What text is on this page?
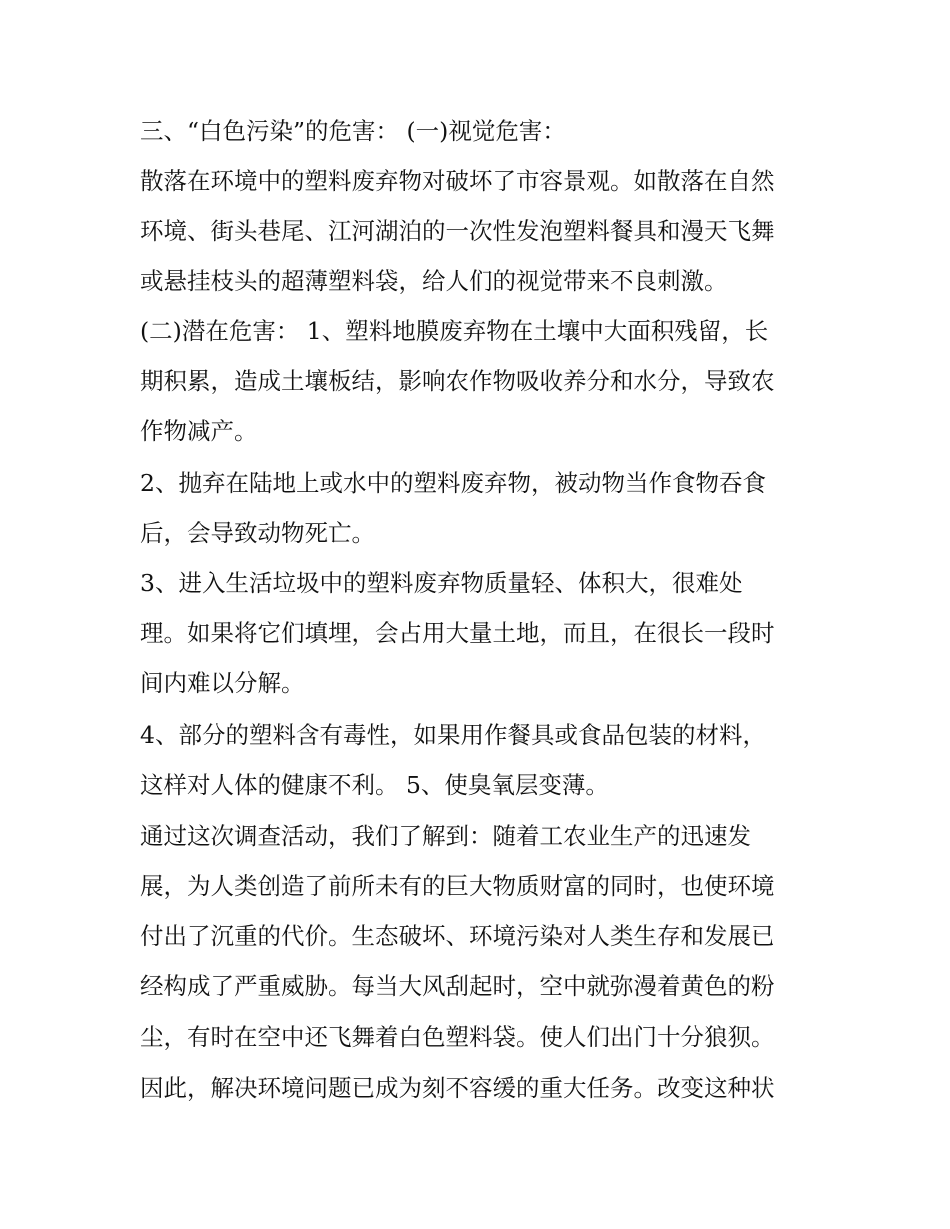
三、“白色污染”的危害： (一)视觉危害：
散落在环境中的塑料废弃物对破坏了市容景观。如散落在自然
环境、街头巷尾、江河湖泊的一次性发泡塑料餐具和漫天飞舞
或悬挂枝头的超薄塑料袋，给人们的视觉带来不良刺激。
(二)潜在危害： 1、塑料地膜废弃物在土壤中大面积残留，长
期积累，造成土壤板结，影响农作物吸收养分和水分，导致农
作物减产。
2、抛弃在陆地上或水中的塑料废弃物，被动物当作食物吞食
后，会导致动物死亡。
3、进入生活垃圾中的塑料废弃物质量轻、体积大，很难处
理。如果将它们填埋，会占用大量土地，而且，在很长一段时
间内难以分解。
4、部分的塑料含有毒性，如果用作餐具或食品包装的材料，
这样对人体的健康不利。 5、使臭氧层变薄。
通过这次调查活动，我们了解到：随着工农业生产的迅速发
展，为人类创造了前所未有的巨大物质财富的同时，也使环境
付出了沉重的代价。生态破坏、环境污染对人类生存和发展已
经构成了严重威胁。每当大风刮起时，空中就弥漫着黄色的粉
尘，有时在空中还飞舞着白色塑料袋。使人们出门十分狼狈。
因此，解决环境问题已成为刻不容缓的重大任务。改变这种状
